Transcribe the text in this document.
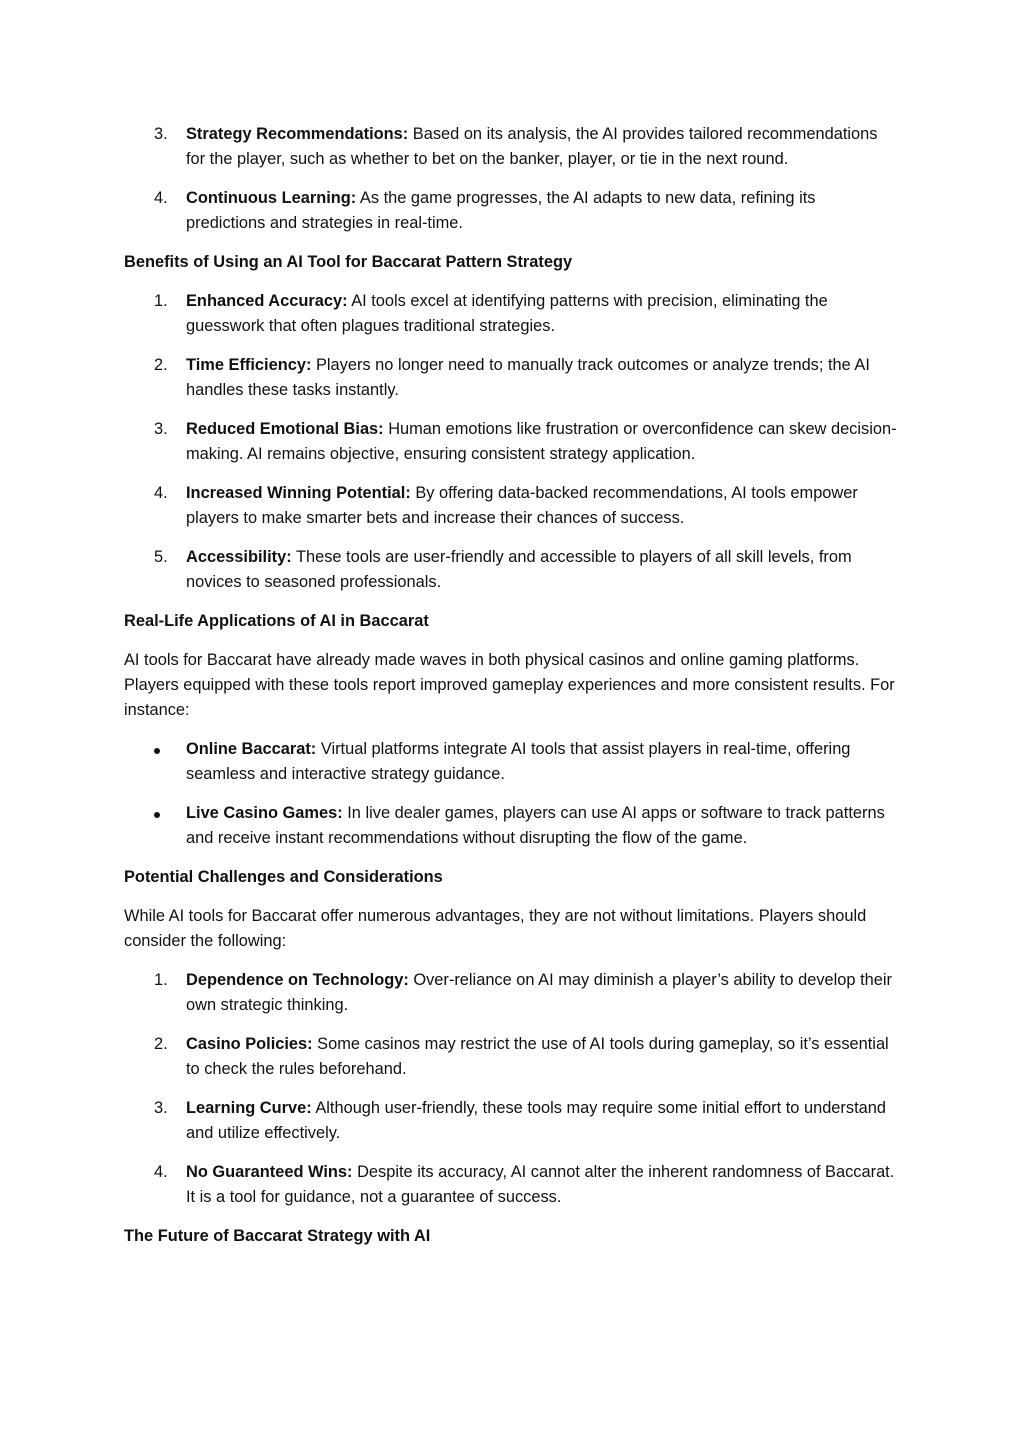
3.	Strategy Recommendations: Based on its analysis, the AI provides tailored recommendations for the player, such as whether to bet on the banker, player, or tie in the next round.
4.	Continuous Learning: As the game progresses, the AI adapts to new data, refining its predictions and strategies in real-time.
Benefits of Using an AI Tool for Baccarat Pattern Strategy
1.	Enhanced Accuracy: AI tools excel at identifying patterns with precision, eliminating the guesswork that often plagues traditional strategies.
2.	Time Efficiency: Players no longer need to manually track outcomes or analyze trends; the AI handles these tasks instantly.
3.	Reduced Emotional Bias: Human emotions like frustration or overconfidence can skew decision-making. AI remains objective, ensuring consistent strategy application.
4.	Increased Winning Potential: By offering data-backed recommendations, AI tools empower players to make smarter bets and increase their chances of success.
5.	Accessibility: These tools are user-friendly and accessible to players of all skill levels, from novices to seasoned professionals.
Real-Life Applications of AI in Baccarat

AI tools for Baccarat have already made waves in both physical casinos and online gaming platforms. Players equipped with these tools report improved gameplay experiences and more consistent results. For instance:

Online Baccarat: Virtual platforms integrate AI tools that assist players in real-time, offering seamless and interactive strategy guidance.
Live Casino Games: In live dealer games, players can use AI apps or software to track patterns and receive instant recommendations without disrupting the flow of the game.
Potential Challenges and Considerations

While AI tools for Baccarat offer numerous advantages, they are not without limitations. Players should consider the following:

1.	Dependence on Technology: Over-reliance on AI may diminish a player’s ability to develop their own strategic thinking.
2.	Casino Policies: Some casinos may restrict the use of AI tools during gameplay, so it’s essential to check the rules beforehand.
3.	Learning Curve: Although user-friendly, these tools may require some initial effort to understand and utilize effectively.
4.	No Guaranteed Wins: Despite its accuracy, AI cannot alter the inherent randomness of Baccarat. It is a tool for guidance, not a guarantee of success.
The Future of Baccarat Strategy with AI
